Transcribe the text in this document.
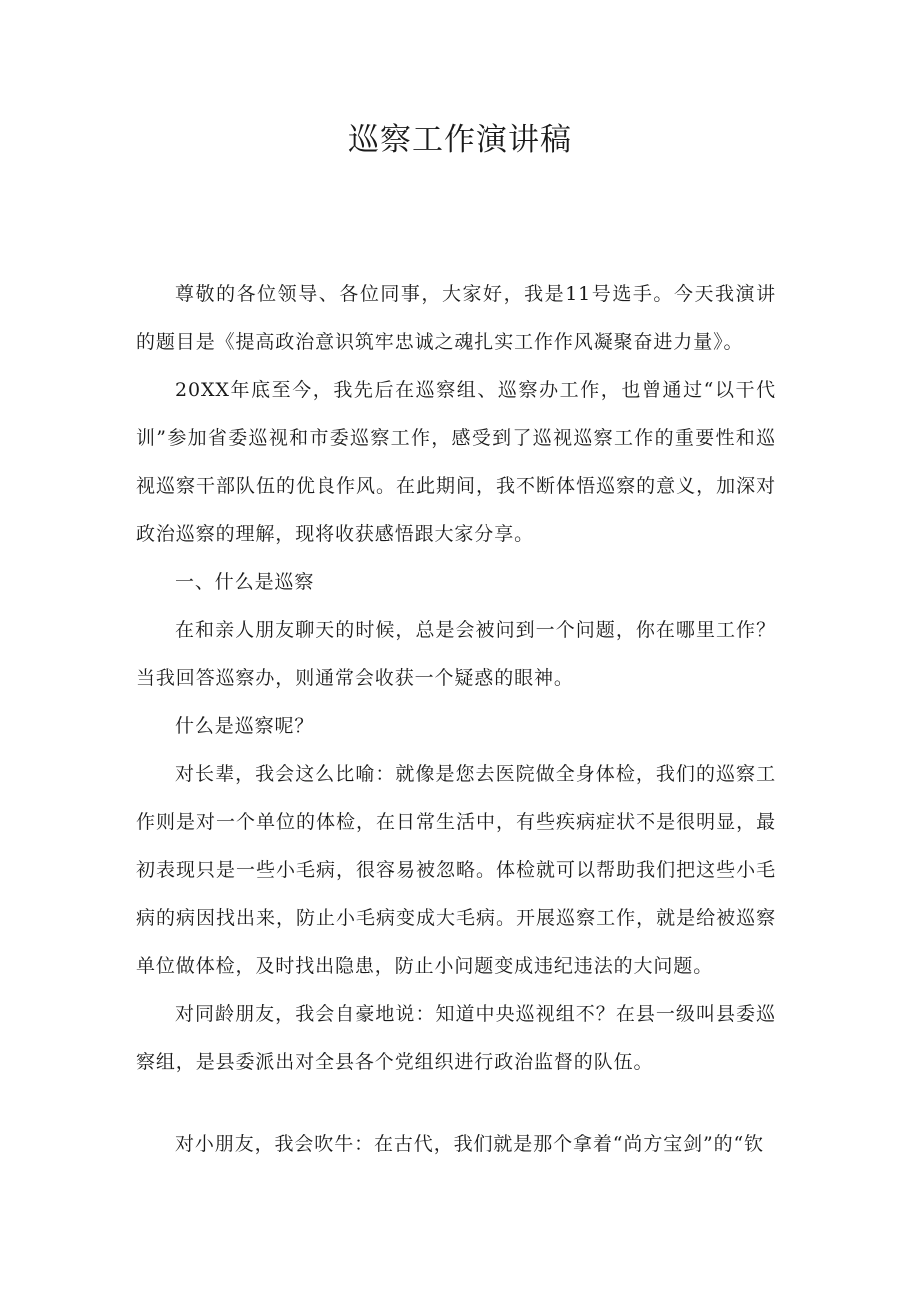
巡察工作演讲稿

尊敬的各位领导、各位同事，大家好，我是11号选手。今天我演讲的题目是《提高政治意识筑牢忠诚之魂扎实工作作风凝聚奋进力量》。

20XX年底至今，我先后在巡察组、巡察办工作，也曾通过“以干代训”参加省委巡视和市委巡察工作，感受到了巡视巡察工作的重要性和巡视巡察干部队伍的优良作风。在此期间，我不断体悟巡察的意义，加深对政治巡察的理解，现将收获感悟跟大家分享。

一、什么是巡察

在和亲人朋友聊天的时候，总是会被问到一个问题，你在哪里工作？当我回答巡察办，则通常会收获一个疑惑的眼神。

什么是巡察呢？

对长辈，我会这么比喻：就像是您去医院做全身体检，我们的巡察工作则是对一个单位的体检，在日常生活中，有些疾病症状不是很明显，最初表现只是一些小毛病，很容易被忽略。体检就可以帮助我们把这些小毛病的病因找出来，防止小毛病变成大毛病。开展巡察工作，就是给被巡察单位做体检，及时找出隐患，防止小问题变成违纪违法的大问题。

对同龄朋友，我会自豪地说：知道中央巡视组不？在县一级叫县委巡察组，是县委派出对全县各个党组织进行政治监督的队伍。

对小朋友，我会吹牛：在古代，我们就是那个拿着“尚方宝剑”的“钦
